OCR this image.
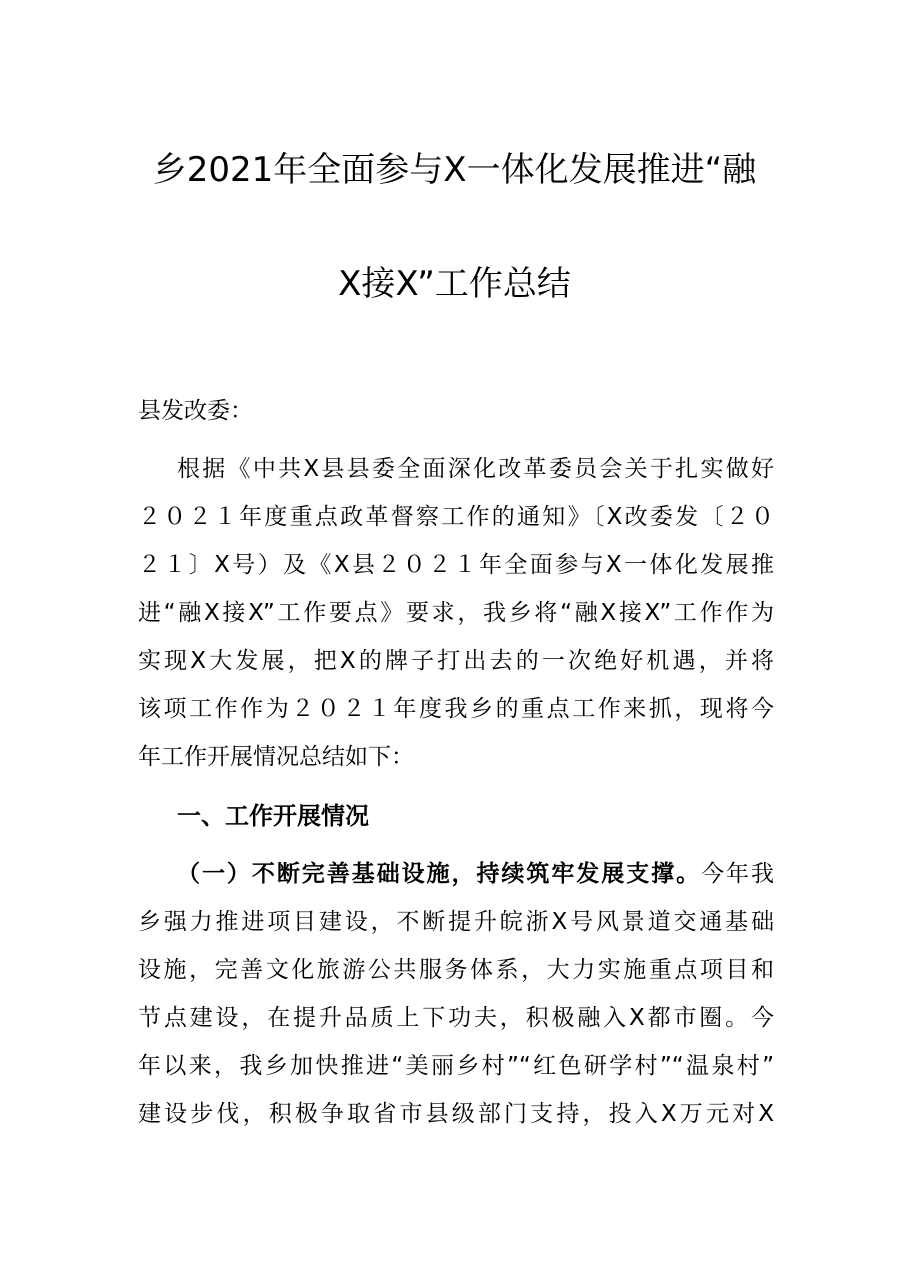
乡2021年全面参与X一体化发展推进“融
X接X”工作总结
县发改委：
根据《中共X县县委全面深化改革委员会关于扎实做好
２０２１年度重点政革督察工作的通知》〔X改委发〔２０
２１〕X号）及《X县２０２１年全面参与X一体化发展推
进“融X接X”工作要点》要求，我乡将“融X接X”工作作为
实现X大发展，把X的牌子打出去的一次绝好机遇，并将
该项工作作为２０２１年度我乡的重点工作来抓，现将今
年工作开展情况总结如下：
一、工作开展情况
（一）不断完善基础设施，持续筑牢发展支撑。今年我
乡强力推进项目建设，不断提升皖浙X号风景道交通基础
设施，完善文化旅游公共服务体系，大力实施重点项目和
节点建设，在提升品质上下功夫，积极融入X都市圈。今
年以来，我乡加快推进“美丽乡村”“红色研学村”“温泉村”
建设步伐，积极争取省市县级部门支持，投入X万元对X
